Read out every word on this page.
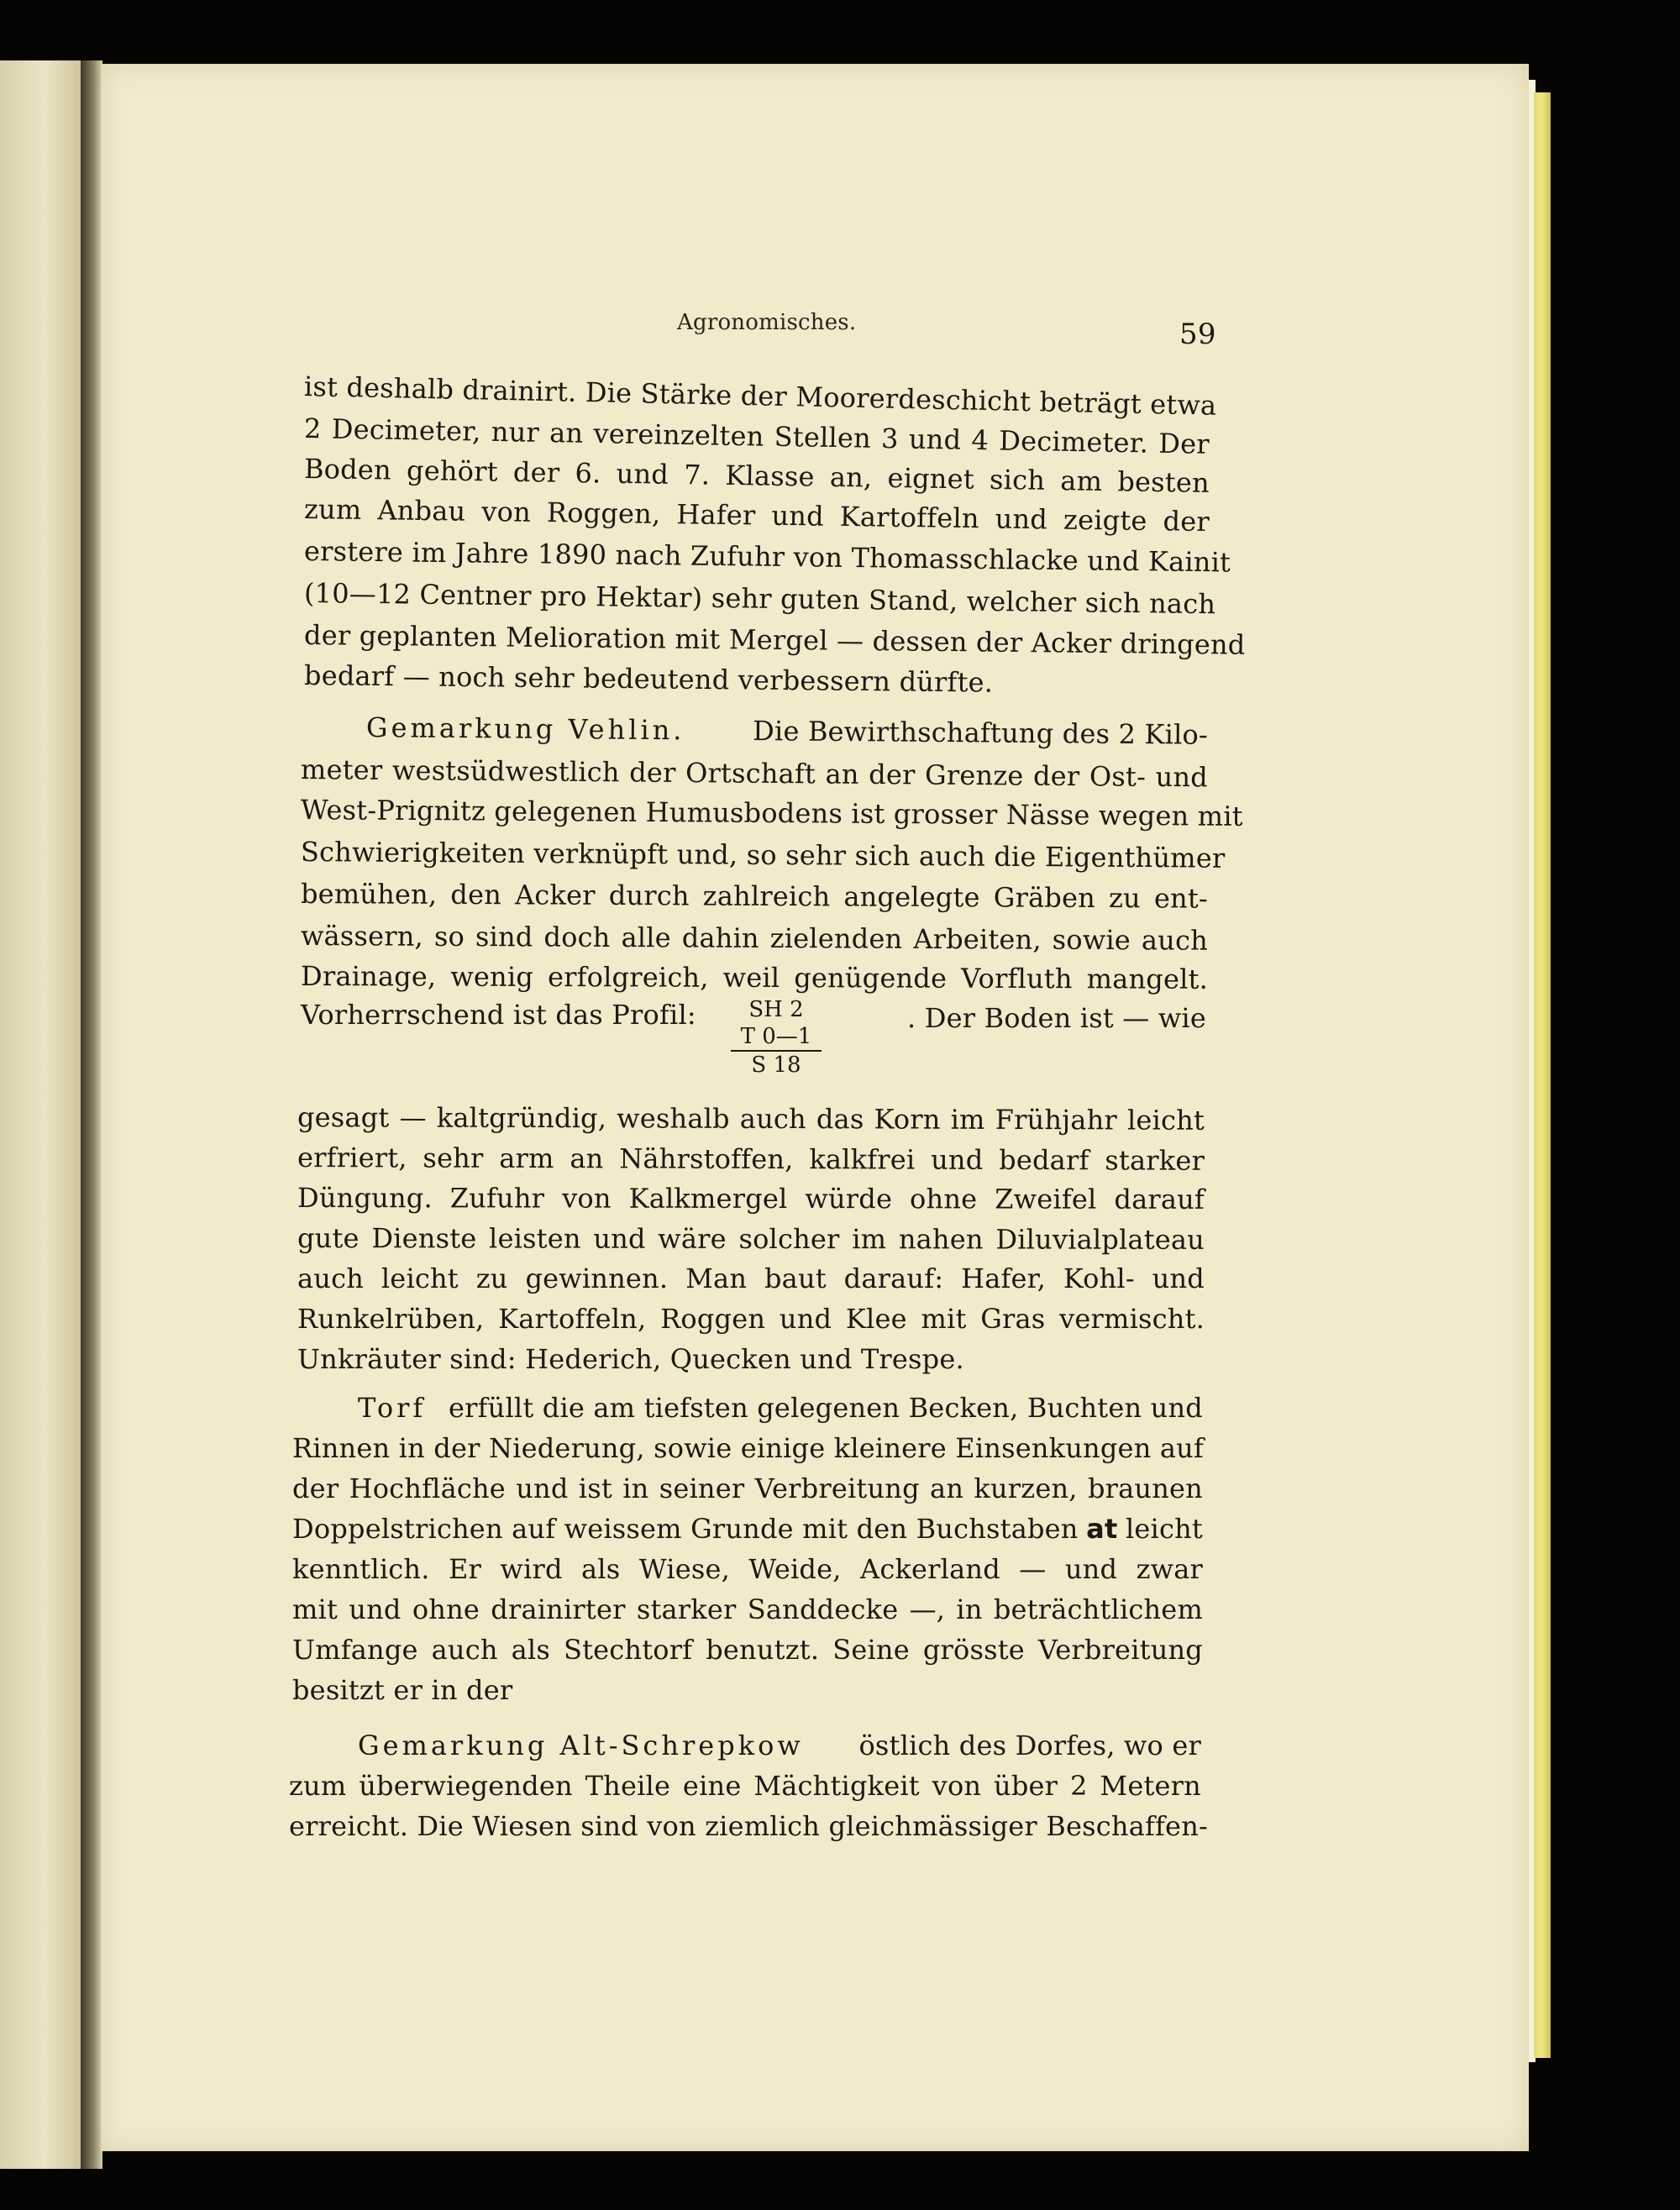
Agronomisches.	59

ist deshalb drainirt. Die Stärke der Moorerdeschicht beträgt etwa

2 Decimeter, nur an vereinzelten Stellen 3 und 4 Decimeter. Der

Boden gehört der 6. und 7. Klasse an, eignet sich am besten

zum Anbau von Roggen, Hafer und Kartoffeln und zeigte der

erstere im Jahre 1890 nach Zufuhr von Thomasschlacke und Kainit

(10—12 Centner pro Hektar) sehr guten Stand, welcher sich nach

der geplanten Melioration mit Mergel — dessen der Acker dringend

bedarf — noch sehr bedeutend verbessern dürfte.

Gemarkung Vehlin.	Die Bewirthschaftung des 2 Kilo-

meter westsüdwestlich der Ortschaft an der Grenze der Ost- und

West-Prignitz gelegenen Humusbodens ist grosser Nässe wegen mit

Schwierigkeiten verknüpft und, so sehr sich auch die Eigenthümer

bemühen, den Acker durch zahlreich angelegte Gräben zu ent-

wässern, so sind doch alle dahin zielenden Arbeiten, sowie auch

Drainage, wenig erfolgreich, weil genügende Vorfluth mangelt.

Vorherrschend ist das Profil:	SH 2
T 0—1
S 18

. Der Boden ist — wie

gesagt — kaltgründig, weshalb auch das Korn im Frühjahr leicht

erfriert, sehr arm an Nährstoffen, kalkfrei und bedarf starker

Düngung. Zufuhr von Kalkmergel würde ohne Zweifel darauf

gute Dienste leisten und wäre solcher im nahen Diluvialplateau

auch leicht zu gewinnen. Man baut darauf: Hafer, Kohl- und

Runkelrüben, Kartoffeln, Roggen und Klee mit Gras vermischt.

Unkräuter sind: Hederich, Quecken und Trespe.

Torf erfüllt die am tiefsten gelegenen Becken, Buchten und

Rinnen in der Niederung, sowie einige kleinere Einsenkungen auf

der Hochfläche und ist in seiner Verbreitung an kurzen, braunen

Doppelstrichen auf weissem Grunde mit den Buchstaben at leicht

kenntlich. Er wird als Wiese, Weide, Ackerland — und zwar

mit und ohne drainirter starker Sanddecke —, in beträchtlichem

Umfange auch als Stechtorf benutzt. Seine grösste Verbreitung

besitzt er in der

Gemarkung Alt-Schrepkow östlich des Dorfes, wo er

zum überwiegenden Theile eine Mächtigkeit von über 2 Metern

erreicht. Die Wiesen sind von ziemlich gleichmässiger Beschaffen-
